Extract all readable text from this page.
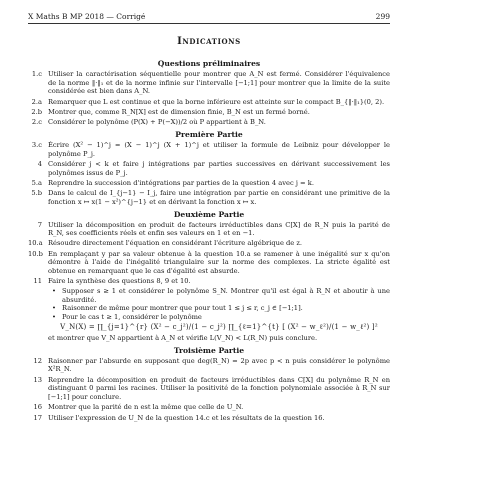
X Maths B MP 2018 — Corrigé	299
Indications
Questions préliminaires
1.c Utiliser la caractérisation séquentielle pour montrer que A_N est fermé. Considérer l'équivalence de la norme ‖·‖₁ et de la norme infinie sur l'intervalle [−1;1] pour montrer que la limite de la suite considérée est bien dans A_N.
2.a Remarquer que L est continue et que la borne inférieure est atteinte sur le compact B_{‖·‖₁}(0, 2).
2.b Montrer que, comme R_N[X] est de dimension finie, B_N est un fermé borné.
2.c Considérer le polynôme (P(X) + P(−X))/2 où P appartient à B_N.
Première Partie
3.c Écrire (X² − 1)^j = (X − 1)^j (X + 1)^j et utiliser la formule de Leibniz pour développer le polynôme P_j.
4 Considérer j < k et faire j intégrations par parties successives en dérivant successivement les polynômes issus de P_j.
5.a Reprendre la succession d'intégrations par parties de la question 4 avec j = k.
5.b Dans le calcul de I_{j−1} − I_j, faire une intégration par partie en considérant une primitive de la fonction x ↦ x(1 − x²)^{j−1} et en dérivant la fonction x ↦ x.
Deuxième Partie
7 Utiliser la décomposition en produit de facteurs irréductibles dans C[X] de R_N puis la parité de R_N, ses coefficients réels et enfin ses valeurs en 1 et en −1.
10.a Résoudre directement l'équation en considérant l'écriture algébrique de z.
10.b En remplaçant y par sa valeur obtenue à la question 10.a se ramener à une inégalité sur x qu'on démontre à l'aide de l'inégalité triangulaire sur la norme des complexes. La stricte égalité est obtenue en remarquant que le cas d'égalité est absurde.
11 Faire la synthèse des questions 8, 9 et 10.
• Supposer s ≥ 1 et considérer le polynôme S_N. Montrer qu'il est égal à R_N et aboutir à une absurdité.
• Raisonner de même pour montrer que pour tout 1 ≤ j ≤ r, c_j ∈ [−1;1].
• Pour le cas t ≥ 1, considérer le polynôme
V_N(X) = ∏_{j=1}^{r} (X² − c_j²)/(1 − c_j²) ∏_{ℓ=1}^{t} [ (X² − w_ℓ²)/(1 − w_ℓ²) ]²
et montrer que V_N appartient à A_N et vérifie L(V_N) < L(R_N) puis conclure.
Troisième Partie
12 Raisonner par l'absurde en supposant que deg(R_N) = 2p avec p < n puis considérer le polynôme X²R_N.
13 Reprendre la décomposition en produit de facteurs irréductibles dans C[X] du polynôme R_N en distinguant 0 parmi les racines. Utiliser la positivité de la fonction polynomiale associée à R_N sur [−1;1] pour conclure.
16 Montrer que la parité de n est la même que celle de U_N.
17 Utiliser l'expression de U_N de la question 14.c et les résultats de la question 16.
